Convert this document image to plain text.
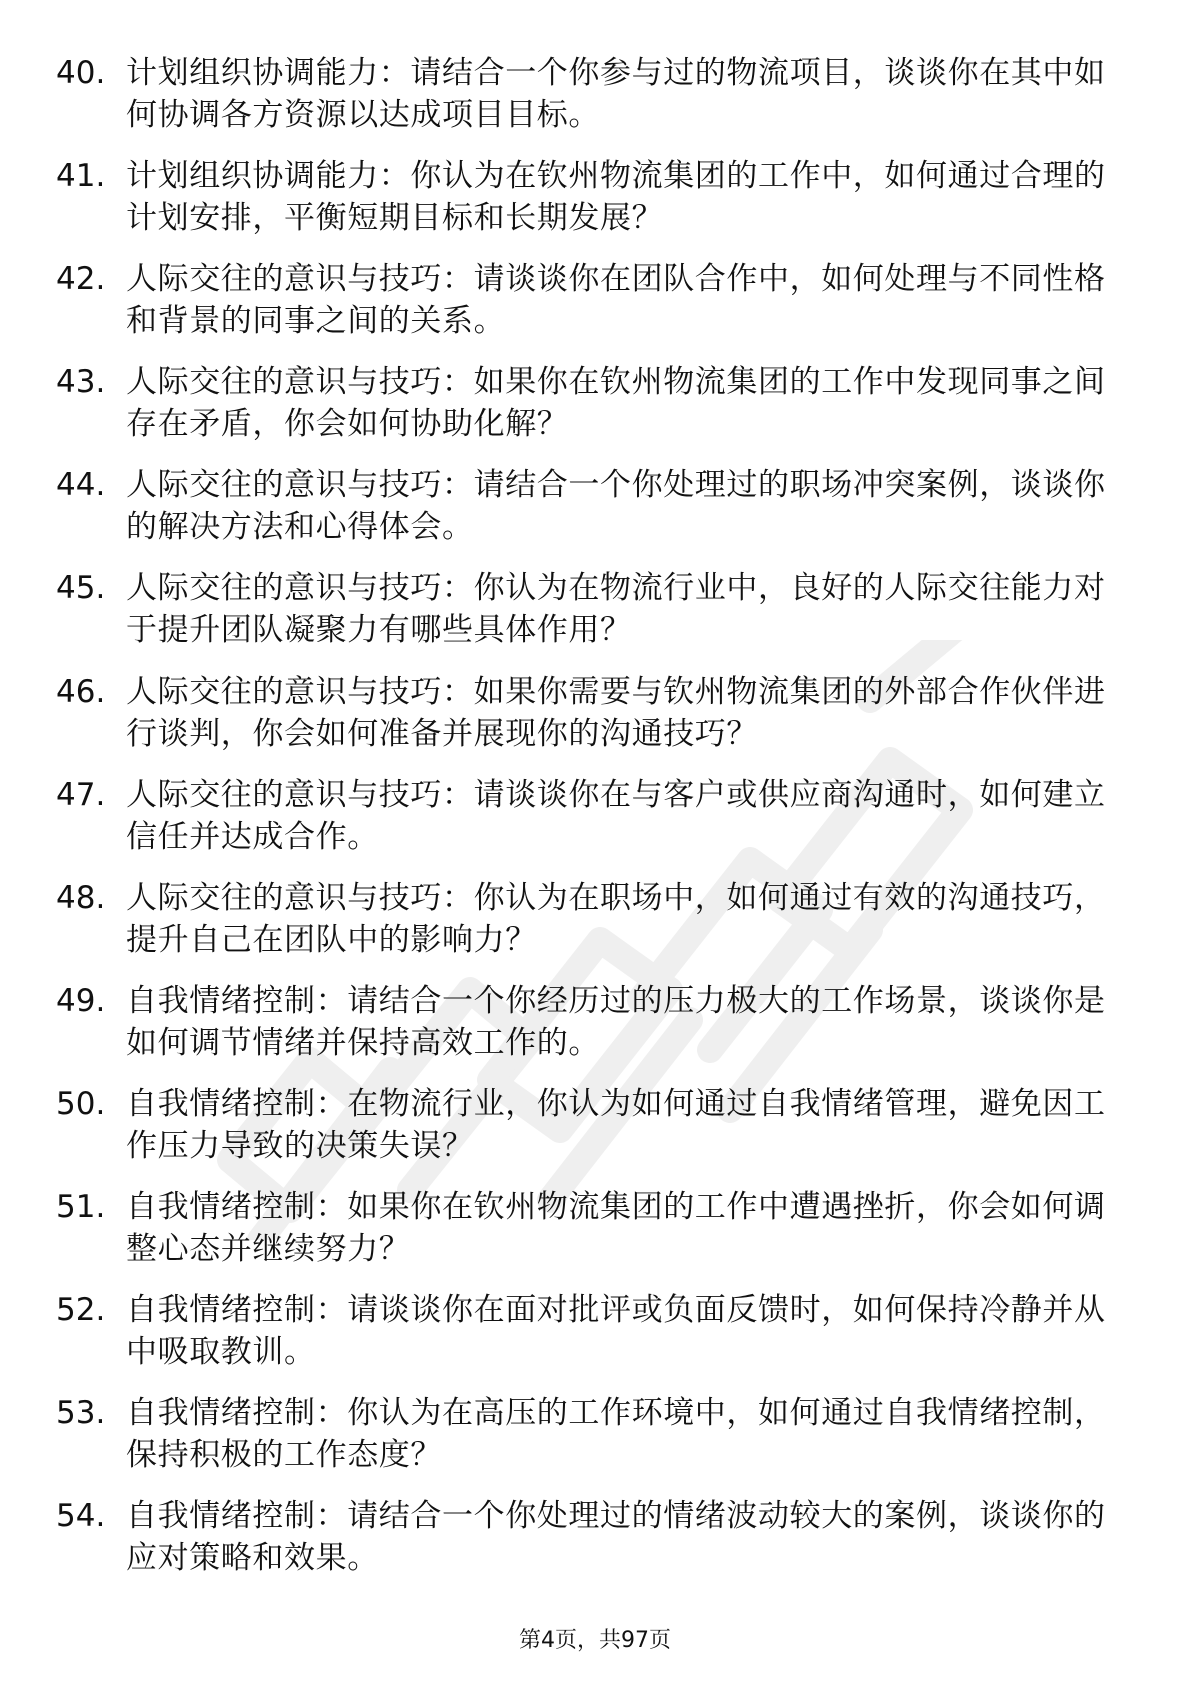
40. 计划组织协调能力：请结合一个你参与过的物流项目，谈谈你在其中如何协调各方资源以达成项目目标。
41. 计划组织协调能力：你认为在钦州物流集团的工作中，如何通过合理的计划安排，平衡短期目标和长期发展？
42. 人际交往的意识与技巧：请谈谈你在团队合作中，如何处理与不同性格和背景的同事之间的关系。
43. 人际交往的意识与技巧：如果你在钦州物流集团的工作中发现同事之间存在矛盾，你会如何协助化解？
44. 人际交往的意识与技巧：请结合一个你处理过的职场冲突案例，谈谈你的解决方法和心得体会。
45. 人际交往的意识与技巧：你认为在物流行业中，良好的人际交往能力对于提升团队凝聚力有哪些具体作用？
46. 人际交往的意识与技巧：如果你需要与钦州物流集团的外部合作伙伴进行谈判，你会如何准备并展现你的沟通技巧？
47. 人际交往的意识与技巧：请谈谈你在与客户或供应商沟通时，如何建立信任并达成合作。
48. 人际交往的意识与技巧：你认为在职场中，如何通过有效的沟通技巧，提升自己在团队中的影响力？
49. 自我情绪控制：请结合一个你经历过的压力极大的工作场景，谈谈你是如何调节情绪并保持高效工作的。
50. 自我情绪控制：在物流行业，你认为如何通过自我情绪管理，避免因工作压力导致的决策失误？
51. 自我情绪控制：如果你在钦州物流集团的工作中遭遇挫折，你会如何调整心态并继续努力？
52. 自我情绪控制：请谈谈你在面对批评或负面反馈时，如何保持冷静并从中吸取教训。
53. 自我情绪控制：你认为在高压的工作环境中，如何通过自我情绪控制，保持积极的工作态度？
54. 自我情绪控制：请结合一个你处理过的情绪波动较大的案例，谈谈你的应对策略和效果。
第4页，共97页
